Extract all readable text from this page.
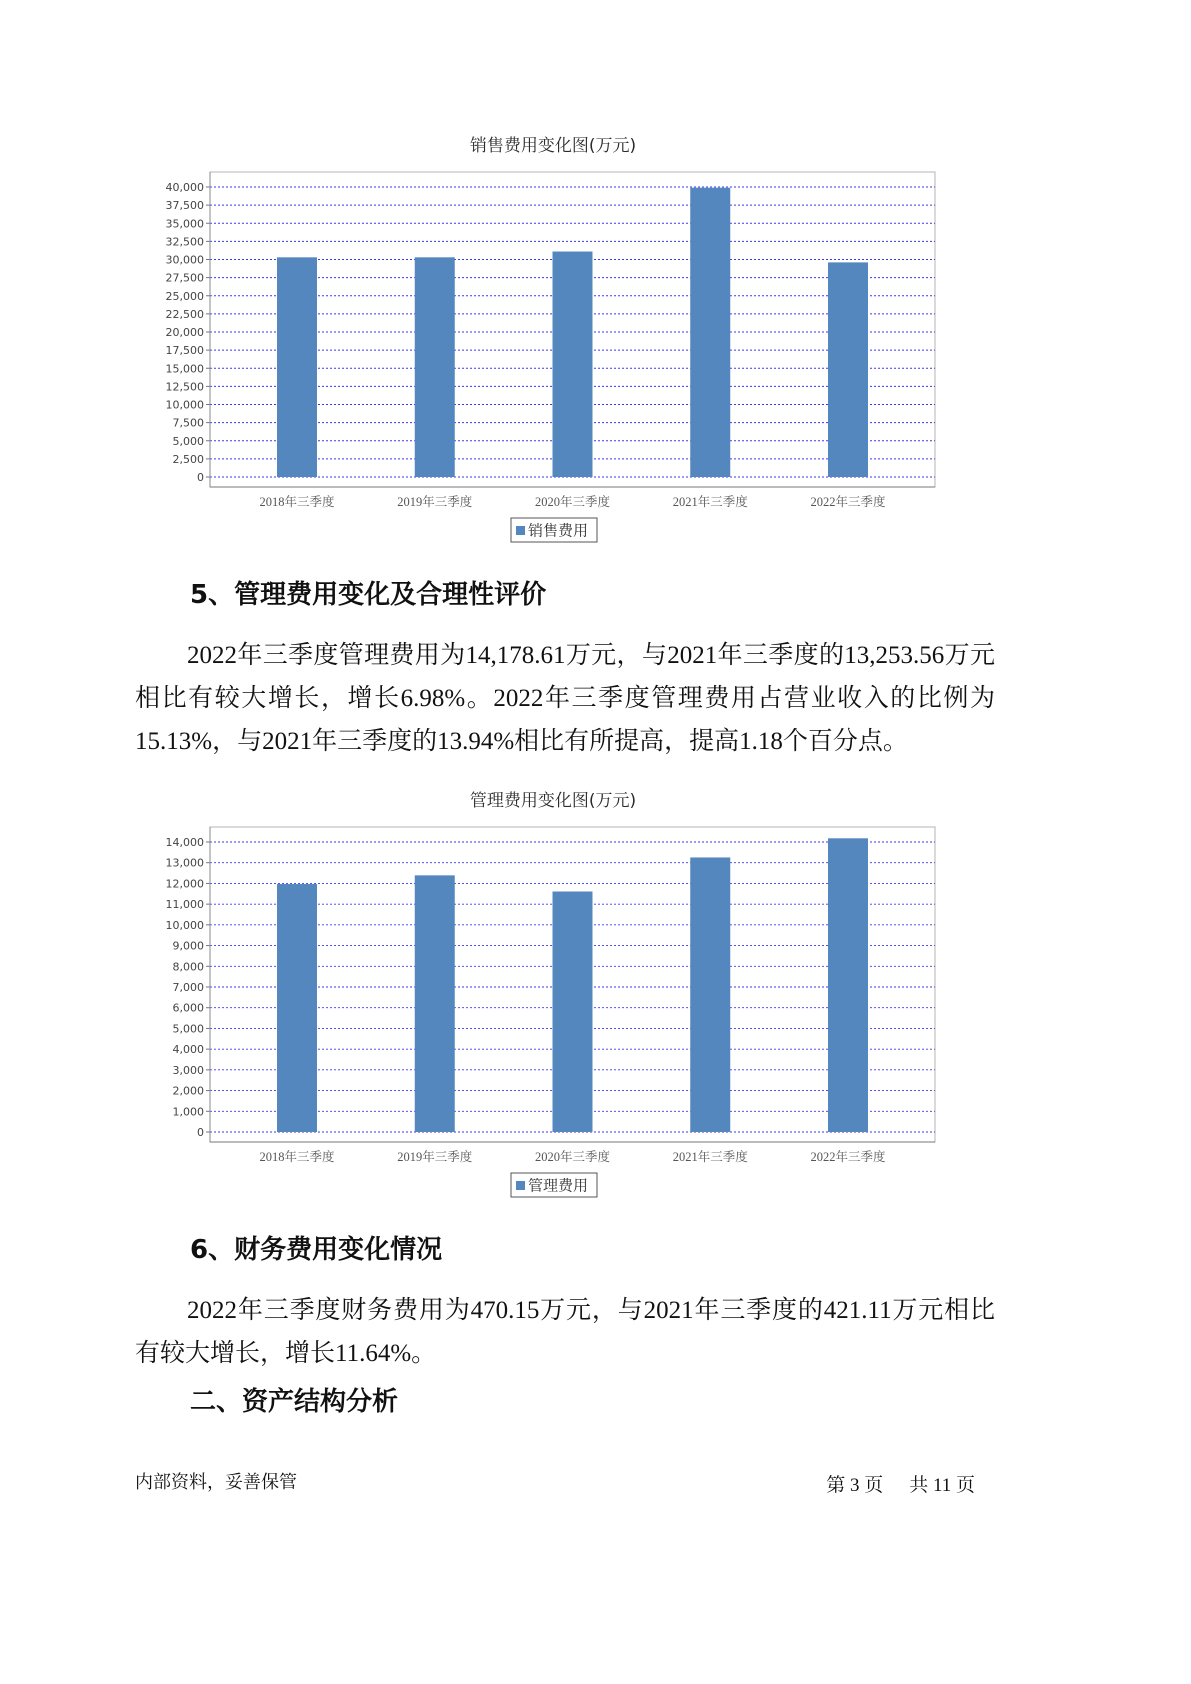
销售费用变化图(万元)
0
2,500
5,000
7,500
10,000
12,500
15,000
17,500
20,000
22,500
25,000
27,500
30,000
32,500
35,000
37,500
40,000
2018年三季度	2019年三季度	2020年三季度	2021年三季度	2022年三季度
销售费用
5、管理费用变化及合理性评价

2022年三季度管理费用为14,178.61万元，与2021年三季度的13,253.56万元相比有较大增长，增长6.98%。2022年三季度管理费用占营业收入的比例为15.13%，与2021年三季度的13.94%相比有所提高，提高1.18个百分点。

管理费用变化图(万元)
0
1,000
2,000
3,000
4,000
5,000
6,000
7,000
8,000
9,000
10,000
11,000
12,000
13,000
14,000
2018年三季度	2019年三季度	2020年三季度	2021年三季度	2022年三季度
管理费用
6、财务费用变化情况

2022年三季度财务费用为470.15万元，与2021年三季度的421.11万元相比有较大增长，增长11.64%。

二、资产结构分析
内部资料，妥善保管	第 3 页 共 11 页
